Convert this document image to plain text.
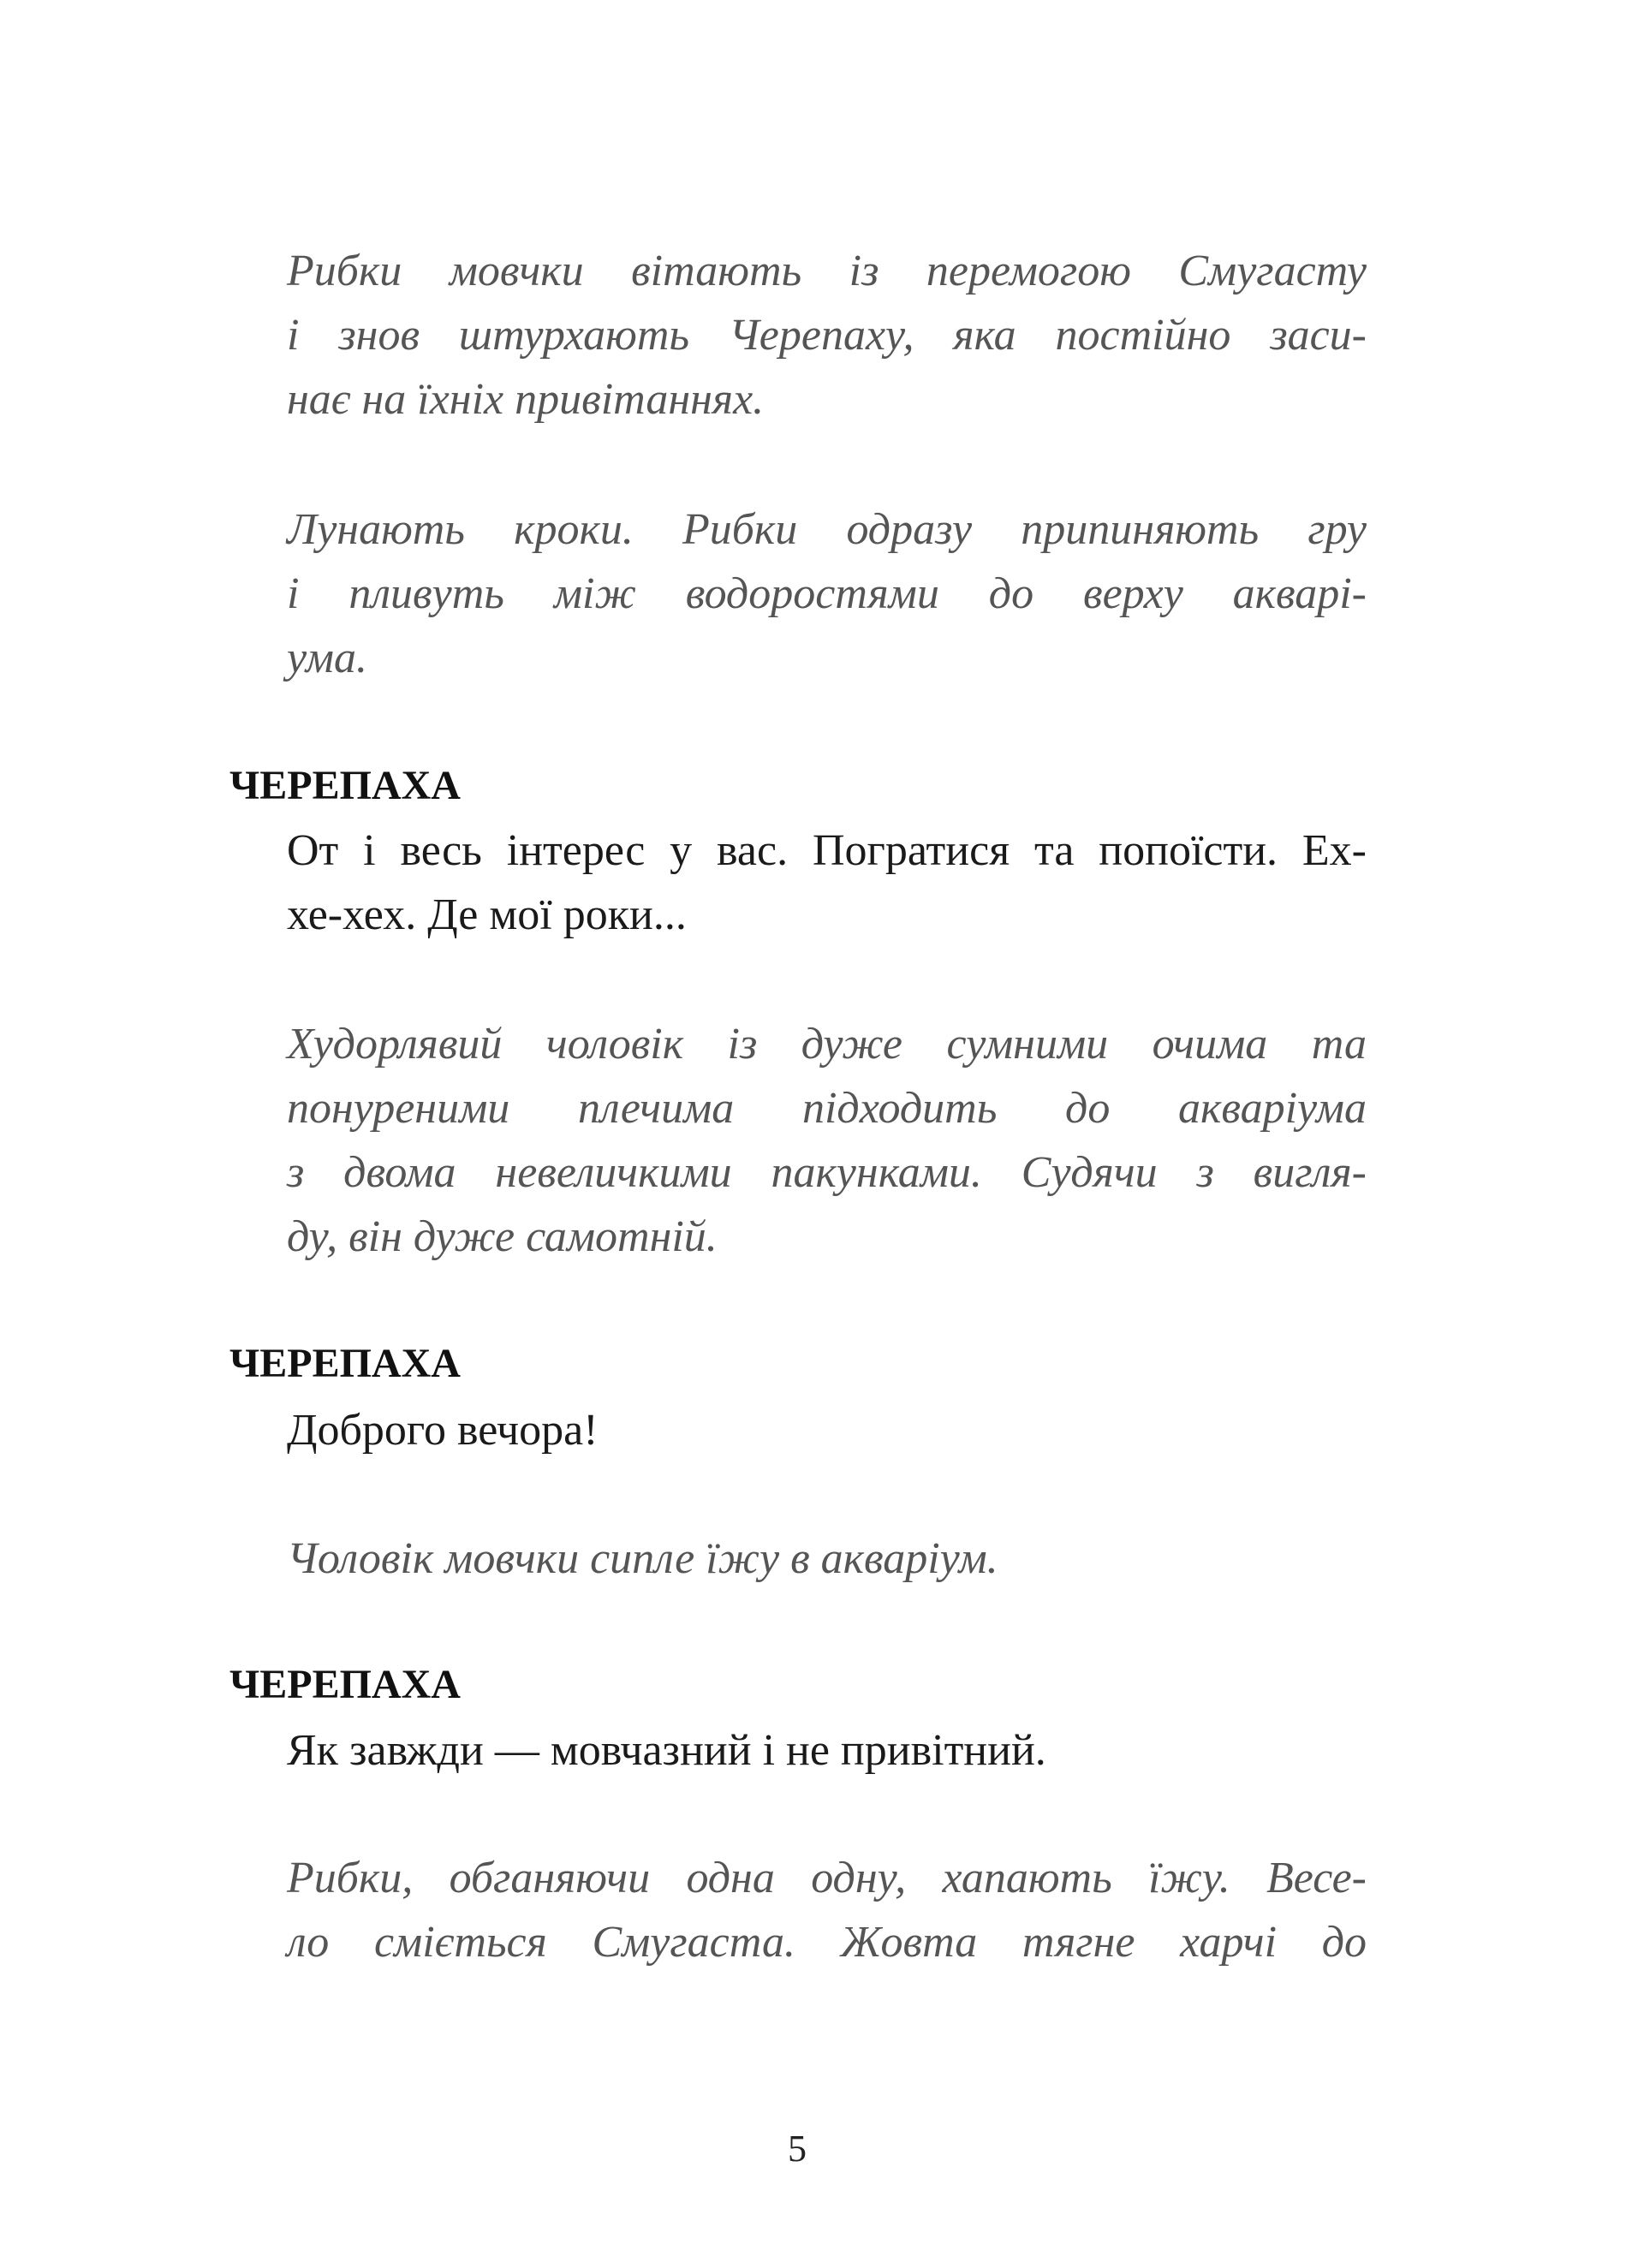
Рибки мовчки вітають із перемогою Смугасту
і знов штурхають Черепаху, яка постійно заси-
нає на їхніх привітаннях.
Лунають кроки. Рибки одразу припиняють гру
і пливуть між водоростями до верху акварі-
ума.
ЧЕРЕПАХА
От і весь інтерес у вас. Погратися та попоїсти. Ех-
хе-хех. Де мої роки...
Худорлявий чоловік із дуже сумними очима та
понуреними плечима підходить до акваріума
з двома невеличкими пакунками. Судячи з вигля-
ду, він дуже самотній.
ЧЕРЕПАХА
Доброго вечора!
Чоловік мовчки сипле їжу в акваріум.
ЧЕРЕПАХА
Як завжди — мовчазний і не привітний.
Рибки, обганяючи одна одну, хапають їжу. Весе-
ло сміється Смугаста. Жовта тягне харчі до
5
